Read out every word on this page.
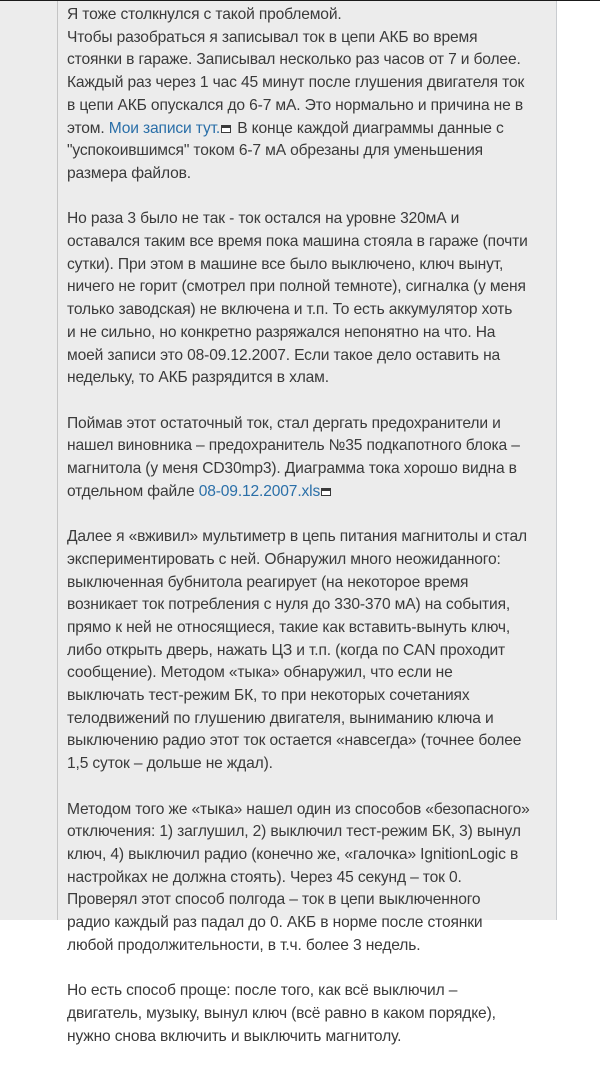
Я тоже столкнулся с такой проблемой.
Чтобы разобраться я записывал ток в цепи АКБ во время
стоянки в гараже. Записывал несколько раз часов от 7 и более.
Каждый раз через 1 час 45 минут после глушения двигателя ток
в цепи АКБ опускался до 6-7 мА. Это нормально и причина не в
этом. Мои записи тут. В конце каждой диаграммы данные с
"успокоившимся" током 6-7 мА обрезаны для уменьшения
размера файлов.

Но раза 3 было не так - ток остался на уровне 320мА и
оставался таким все время пока машина стояла в гараже (почти
сутки). При этом в машине все было выключено, ключ вынут,
ничего не горит (смотрел при полной темноте), сигналка (у меня
только заводская) не включена и т.п. То есть аккумулятор хоть
и не сильно, но конкретно разряжался непонятно на что. На
моей записи это 08-09.12.2007. Если такое дело оставить на
недельку, то АКБ разрядится в хлам.

Поймав этот остаточный ток, стал дергать предохранители и
нашел виновника – предохранитель №35 подкапотного блока –
магнитола (у меня CD30mp3). Диаграмма тока хорошо видна в
отдельном файле 08-09.12.2007.xls

Далее я «вживил» мультиметр в цепь питания магнитолы и стал
экспериментировать с ней. Обнаружил много неожиданного:
выключенная бубнитола реагирует (на некоторое время
возникает ток потребления с нуля до 330-370 мА) на события,
прямо к ней не относящиеся, такие как вставить-вынуть ключ,
либо открыть дверь, нажать ЦЗ и т.п. (когда по CAN проходит
сообщение). Методом «тыка» обнаружил, что если не
выключать тест-режим БК, то при некоторых сочетаниях
телодвижений по глушению двигателя, выниманию ключа и
выключению радио этот ток остается «навсегда» (точнее более
1,5 суток – дольше не ждал).

Методом того же «тыка» нашел один из способов «безопасного»
отключения: 1) заглушил, 2) выключил тест-режим БК, 3) вынул
ключ, 4) выключил радио (конечно же, «галочка» IgnitionLogic в
настройках не должна стоять). Через 45 секунд – ток 0.
Проверял этот способ полгода – ток в цепи выключенного
радио каждый раз падал до 0. АКБ в норме после стоянки
любой продолжительности, в т.ч. более 3 недель.

Но есть способ проще: после того, как всё выключил –
двигатель, музыку, вынул ключ (всё равно в каком порядке),
нужно снова включить и выключить магнитолу.
